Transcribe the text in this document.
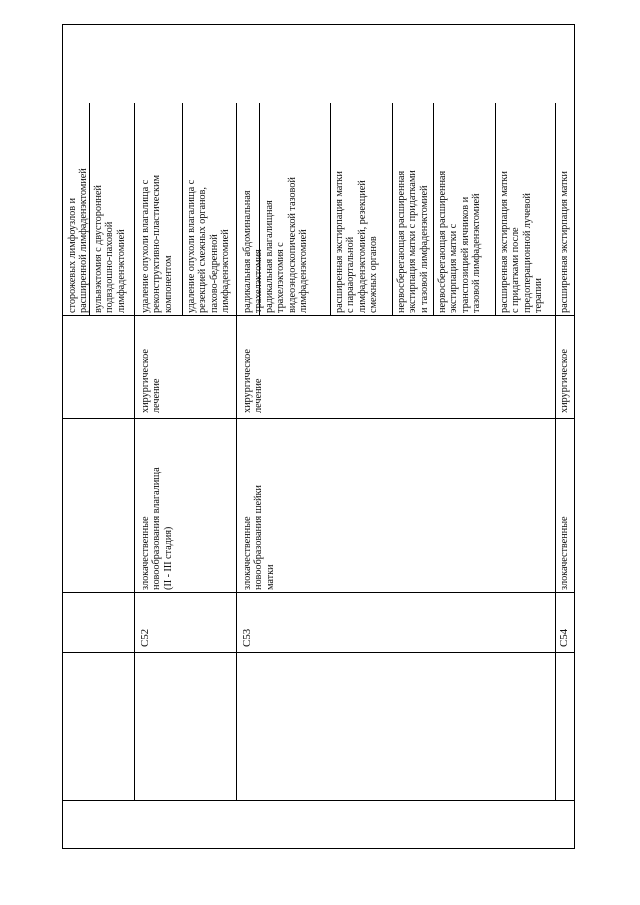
сторожевых лимфоузлов и расширенной лимфаденэктомией вульвэктомия с двусторонней подвздошно-паховой лимфаденэктомией
C52
злокачественные новообразования влагалища (II - III стадия)
хирургическое лечение
удаление опухоли влагалища с реконструктивно-пластическим компонентом удаление опухоли влагалища с резекцией смежных органов, пахово-бедренной лимфаденэктомией
C53
злокачественные новообразования шейки матки
хирургическое лечение
радикальная абдоминальная трахелэктомия радикальная влагалищная трахелэктомия с видеоэндоскопической тазовой лимфаденэктомией расширенная экстирпация матки с парааортальной лимфаденэктомией, резекцией смежных органов нервосберегающая расширенная экстирпация матки с придатками и тазовой лимфаденэктомией нервосберегающая расширенная экстирпация матки с транспозицией яичников и тазовой лимфаденэктомией расширенная экстирпация матки с придатками после предоперационной лучевой терапии
C54
злокачественные
хирургическое
расширенная экстирпация матки
